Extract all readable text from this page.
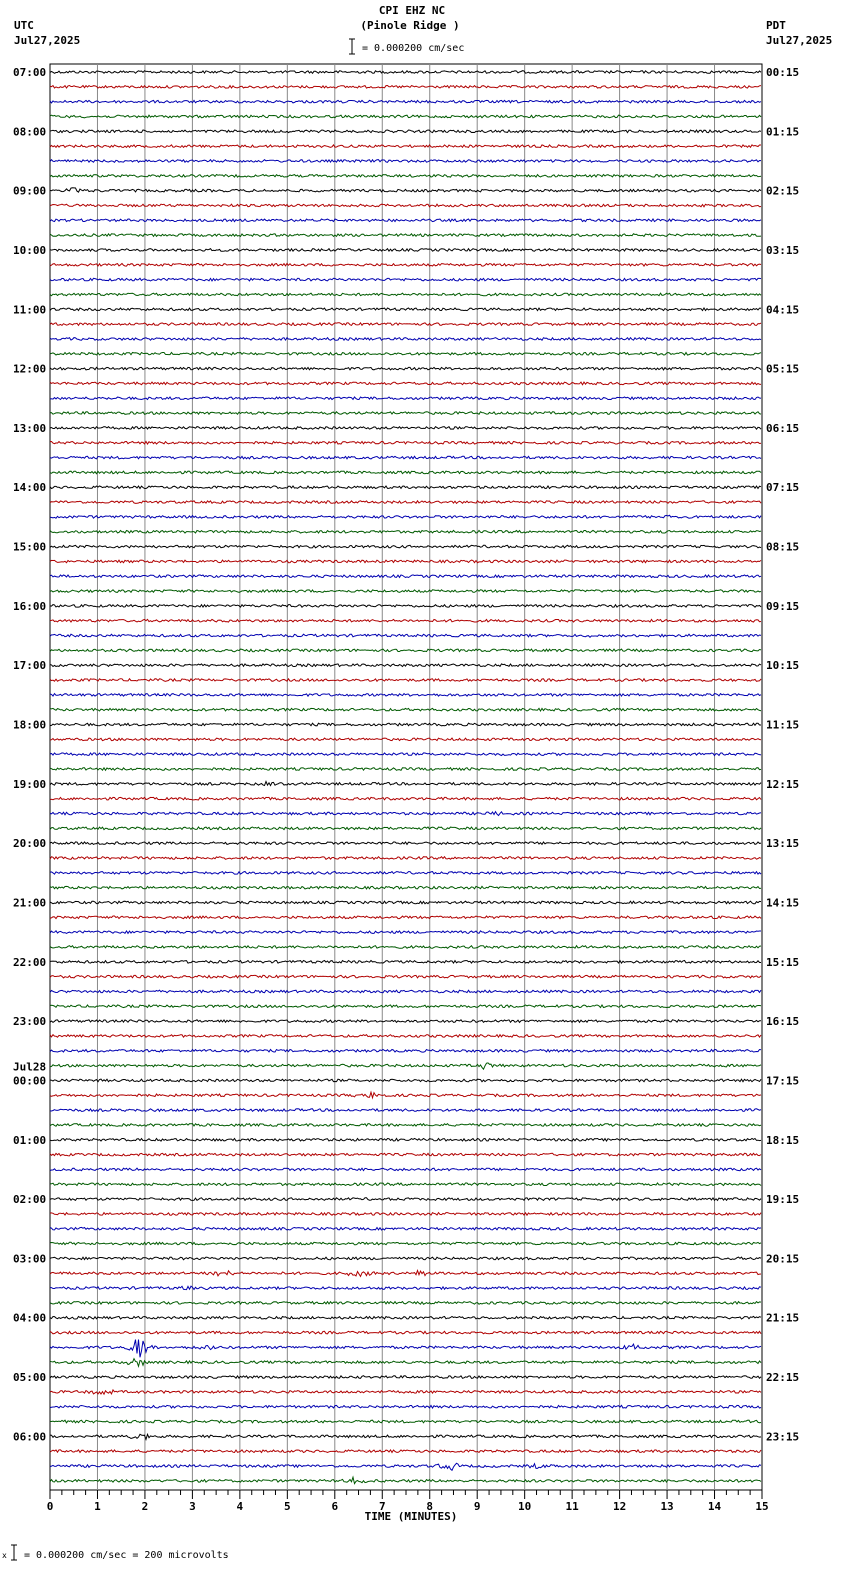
CPI EHZ NC
(Pinole Ridge )
UTC
Jul27,2025
PDT
Jul27,2025
= 0.000200 cm/sec
07:00
08:00
09:00
10:00
11:00
12:00
13:00
14:00
15:00
16:00
17:00
18:00
19:00
20:00
21:00
22:00
23:00
00:00
Jul28
01:00
02:00
03:00
04:00
05:00
06:00
00:15
01:15
02:15
03:15
04:15
05:15
06:15
07:15
08:15
09:15
10:15
11:15
12:15
13:15
14:15
15:15
16:15
17:15
18:15
19:15
20:15
21:15
22:15
23:15
0	1	2	3	4	5	6	7	8	9	10	11	12	13	14	15
TIME (MINUTES)
x = 0.000200 cm/sec = 200 microvolts
